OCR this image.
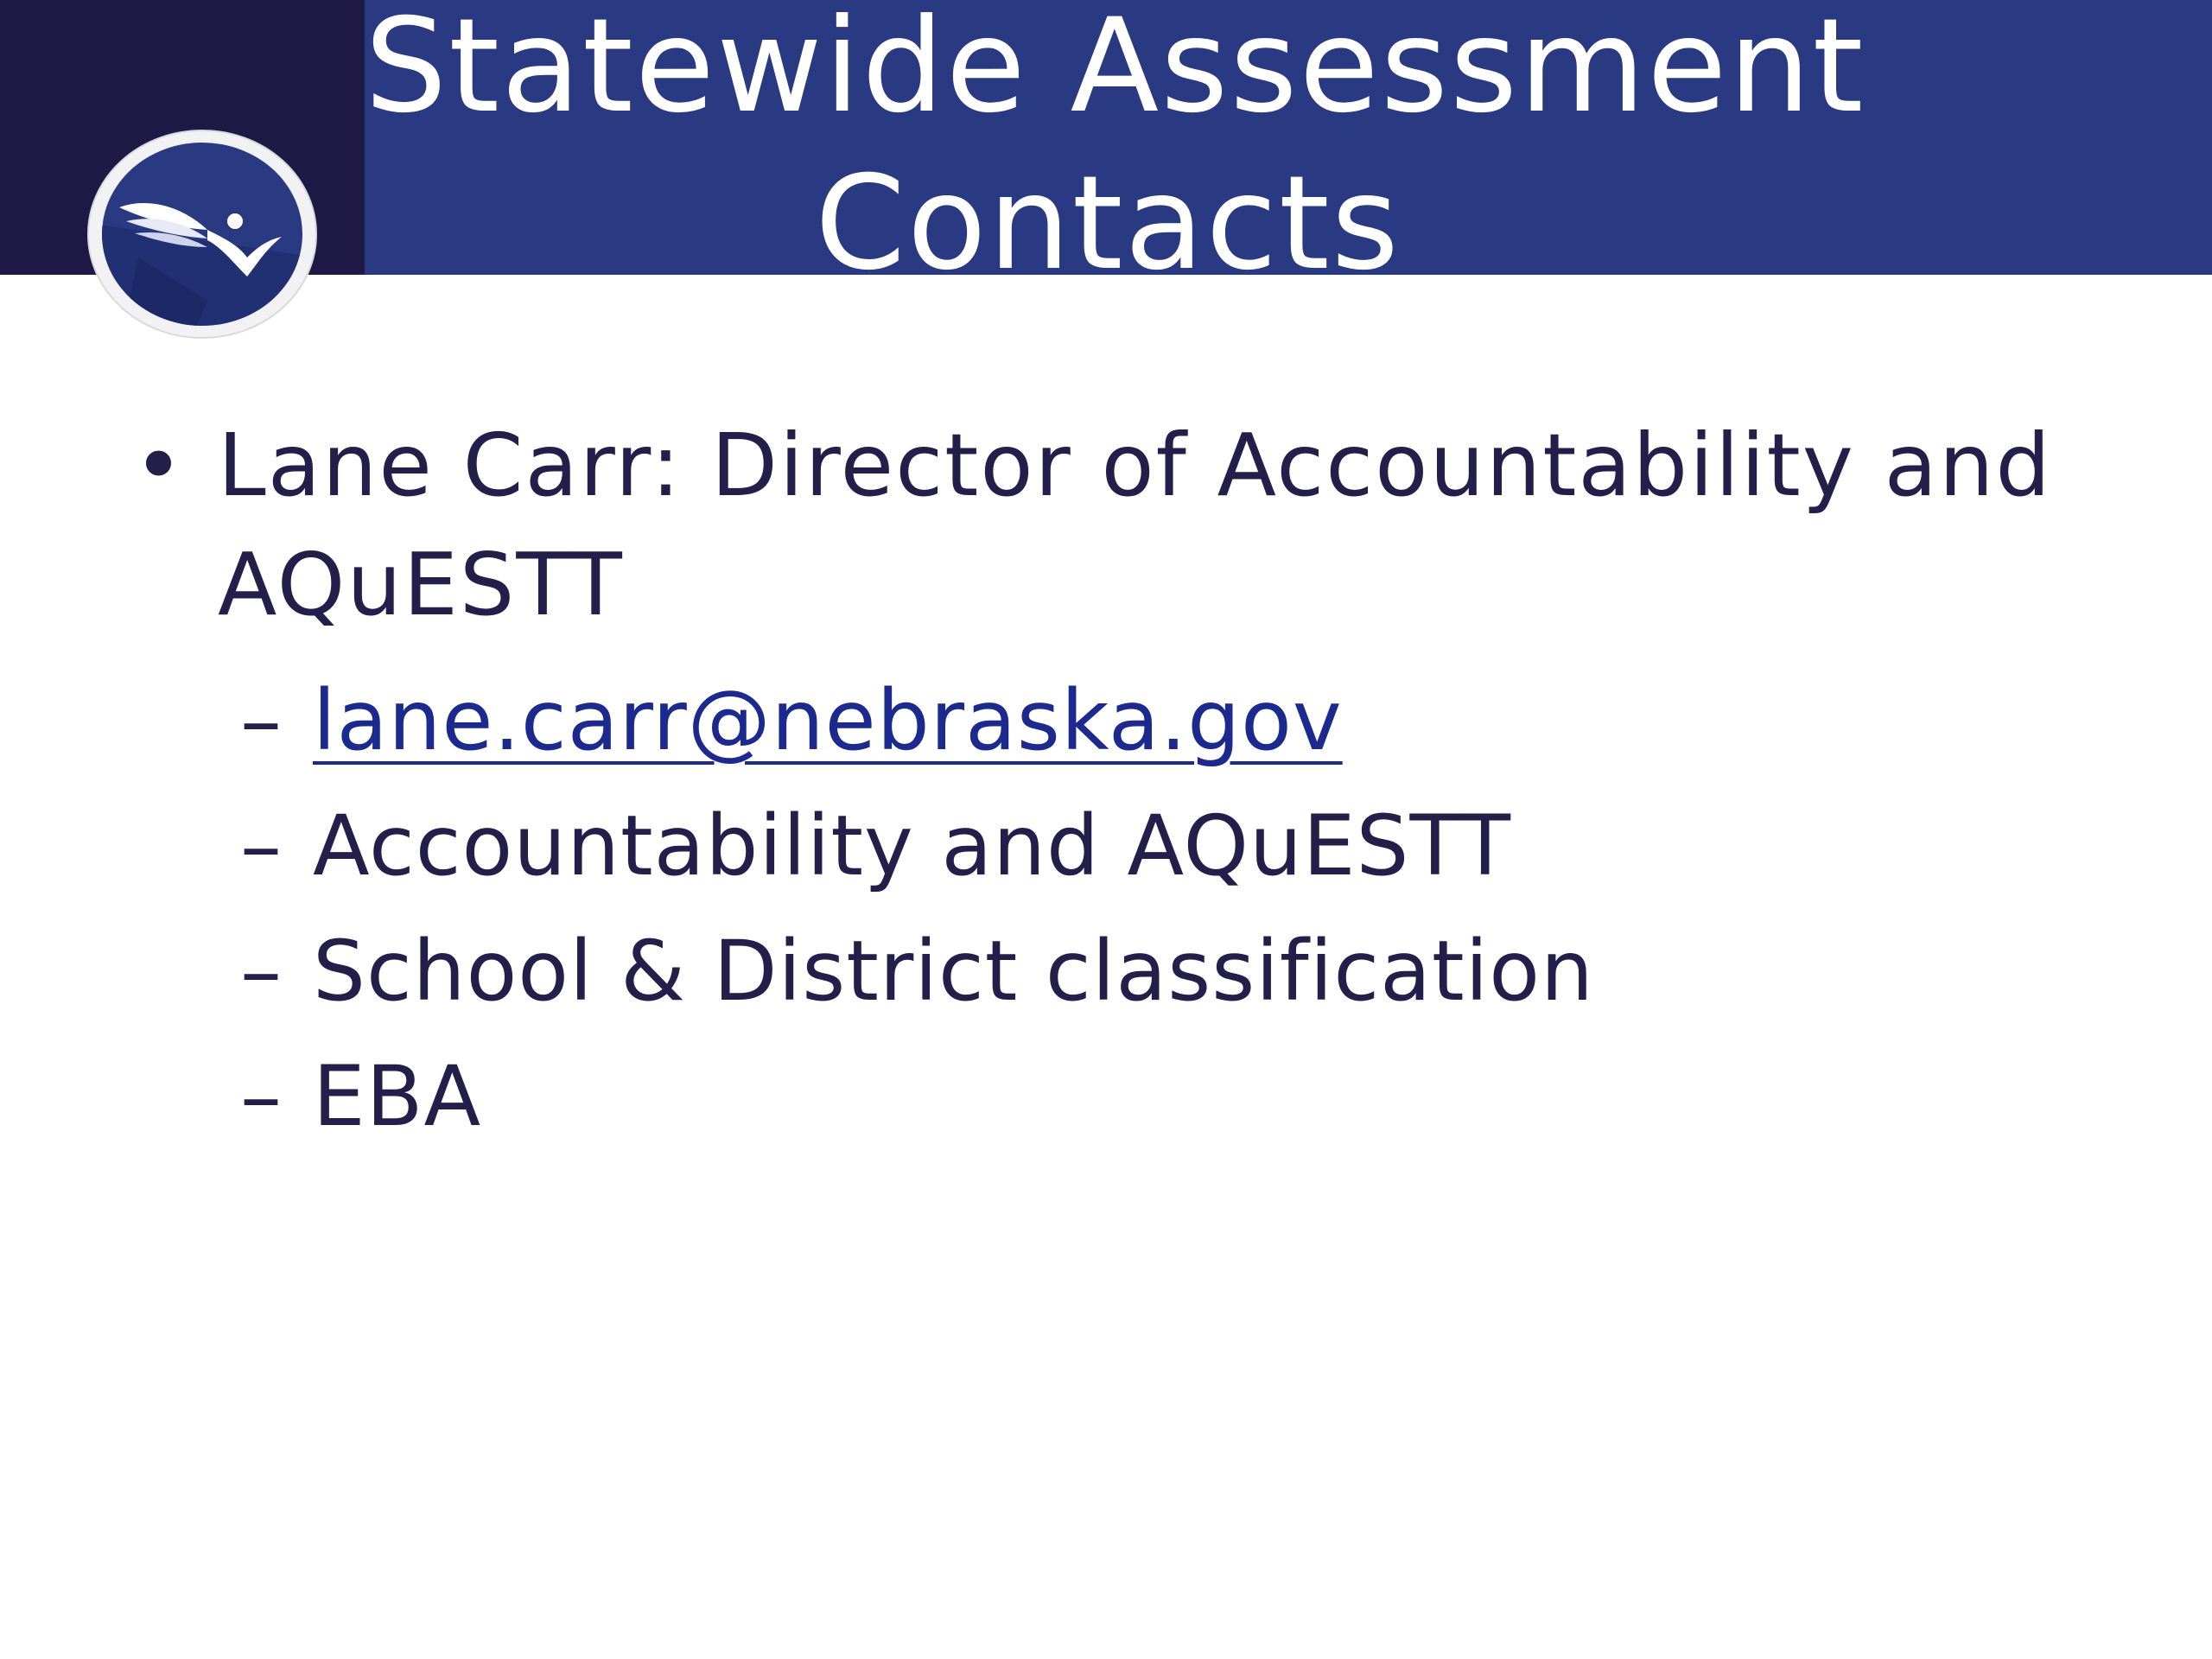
Statewide Assessment
Contacts
• Lane Carr: Director of Accountability and AQuESTT
– lane.carr@nebraska.gov
– Accountability and AQuESTT
– School & District classification
– EBA
